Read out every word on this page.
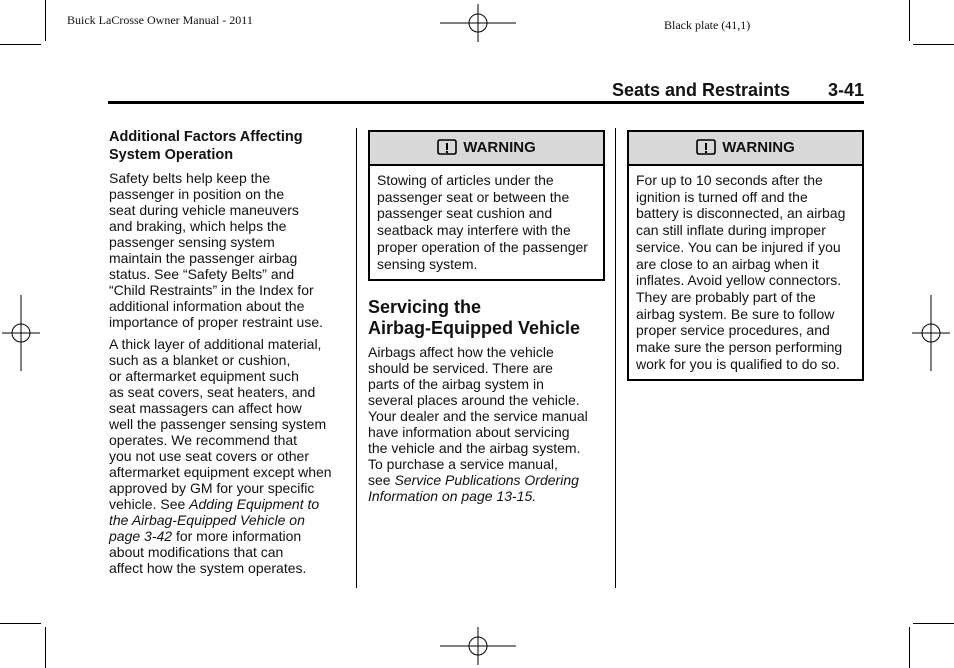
Buick LaCrosse Owner Manual - 2011	Black plate (41,1)
Seats and Restraints 3-41
Additional Factors Affecting
System Operation

Safety belts help keep the
passenger in position on the
seat during vehicle maneuvers
and braking, which helps the
passenger sensing system
maintain the passenger airbag
status. See “Safety Belts” and
“Child Restraints” in the Index for
additional information about the
importance of proper restraint use.

A thick layer of additional material,
such as a blanket or cushion,
or aftermarket equipment such
as seat covers, seat heaters, and
seat massagers can affect how
well the passenger sensing system
operates. We recommend that
you not use seat covers or other
aftermarket equipment except when
approved by GM for your specific
vehicle. See Adding Equipment to
the Airbag-Equipped Vehicle on
page 3-42 for more information
about modifications that can
affect how the system operates.

WARNING
Stowing of articles under the
passenger seat or between the
passenger seat cushion and
seatback may interfere with the
proper operation of the passenger
sensing system.
Servicing the
Airbag-Equipped Vehicle

Airbags affect how the vehicle
should be serviced. There are
parts of the airbag system in
several places around the vehicle.
Your dealer and the service manual
have information about servicing
the vehicle and the airbag system.
To purchase a service manual,
see Service Publications Ordering
Information on page 13-15.

WARNING
For up to 10 seconds after the
ignition is turned off and the
battery is disconnected, an airbag
can still inflate during improper
service. You can be injured if you
are close to an airbag when it
inflates. Avoid yellow connectors.
They are probably part of the
airbag system. Be sure to follow
proper service procedures, and
make sure the person performing
work for you is qualified to do so.
